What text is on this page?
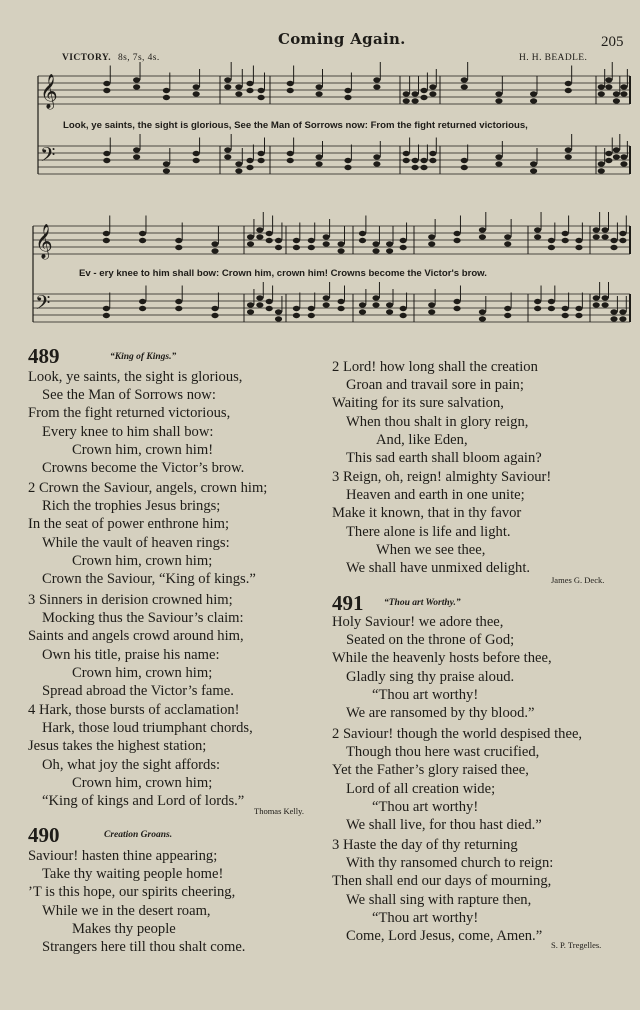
Coming Again.	205
VICTORY. 8s, 7s, 4s.	H. H. BEADLE.
𝄞
𝄢
𝄞
𝄢
Look, ye saints, the sight is glorious, See the Man of Sorrows now: From the fight returned victorious,
Ev - ery knee to him shall bow: Crown him, crown him! Crowns become the Victor's brow.
489	“King of Kings.”
Look, ye saints, the sight is glorious,
See the Man of Sorrows now:
From the fight returned victorious,
Every knee to him shall bow:
Crown him, crown him!
Crowns become the Victor’s brow.
2 Crown the Saviour, angels, crown him;
Rich the trophies Jesus brings;
In the seat of power enthrone him;
While the vault of heaven rings:
Crown him, crown him;
Crown the Saviour, “King of kings.”
3 Sinners in derision crowned him;
Mocking thus the Saviour’s claim:
Saints and angels crowd around him,
Own his title, praise his name:
Crown him, crown him;
Spread abroad the Victor’s fame.
4 Hark, those bursts of acclamation!
Hark, those loud triumphant chords,
Jesus takes the highest station;
Oh, what joy the sight affords:
Crown him, crown him;
“King of kings and Lord of lords.”
Thomas Kelly.
490	Creation Groans.
Saviour! hasten thine appearing;
Take thy waiting people home!
’T is this hope, our spirits cheering,
While we in the desert roam,
Makes thy people
Strangers here till thou shalt come.
2 Lord! how long shall the creation
Groan and travail sore in pain;
Waiting for its sure salvation,
When thou shalt in glory reign,
And, like Eden,
This sad earth shall bloom again?
3 Reign, oh, reign! almighty Saviour!
Heaven and earth in one unite;
Make it known, that in thy favor
There alone is life and light.
When we see thee,
We shall have unmixed delight.
James G. Deck.
491 “Thou art Worthy.”
Holy Saviour! we adore thee,
Seated on the throne of God;
While the heavenly hosts before thee,
Gladly sing thy praise aloud.
“Thou art worthy!
We are ransomed by thy blood.”
2 Saviour! though the world despised thee,
Though thou here wast crucified,
Yet the Father’s glory raised thee,
Lord of all creation wide;
“Thou art worthy!
We shall live, for thou hast died.”
3 Haste the day of thy returning
With thy ransomed church to reign:
Then shall end our days of mourning,
We shall sing with rapture then,
“Thou art worthy!
Come, Lord Jesus, come, Amen.”
S. P. Tregelles.
